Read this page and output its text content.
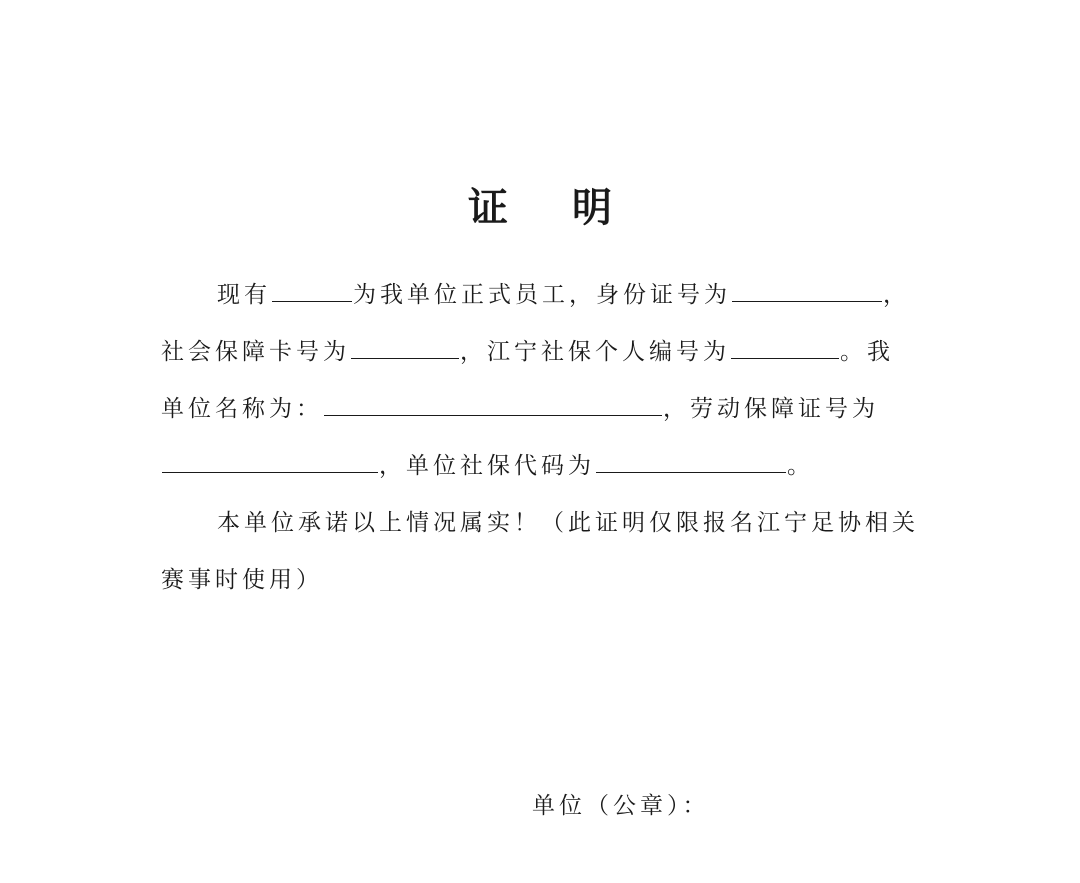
证 明
现有	为我单位正式员工，身份证号为	，
社会保障卡号为	，江宁社保个人编号为	。我
单位名称为：	，劳动保障证号为
，单位社保代码为	。
本单位承诺以上情况属实！（此证明仅限报名江宁足协相关
赛事时使用）
单位（公章）：
